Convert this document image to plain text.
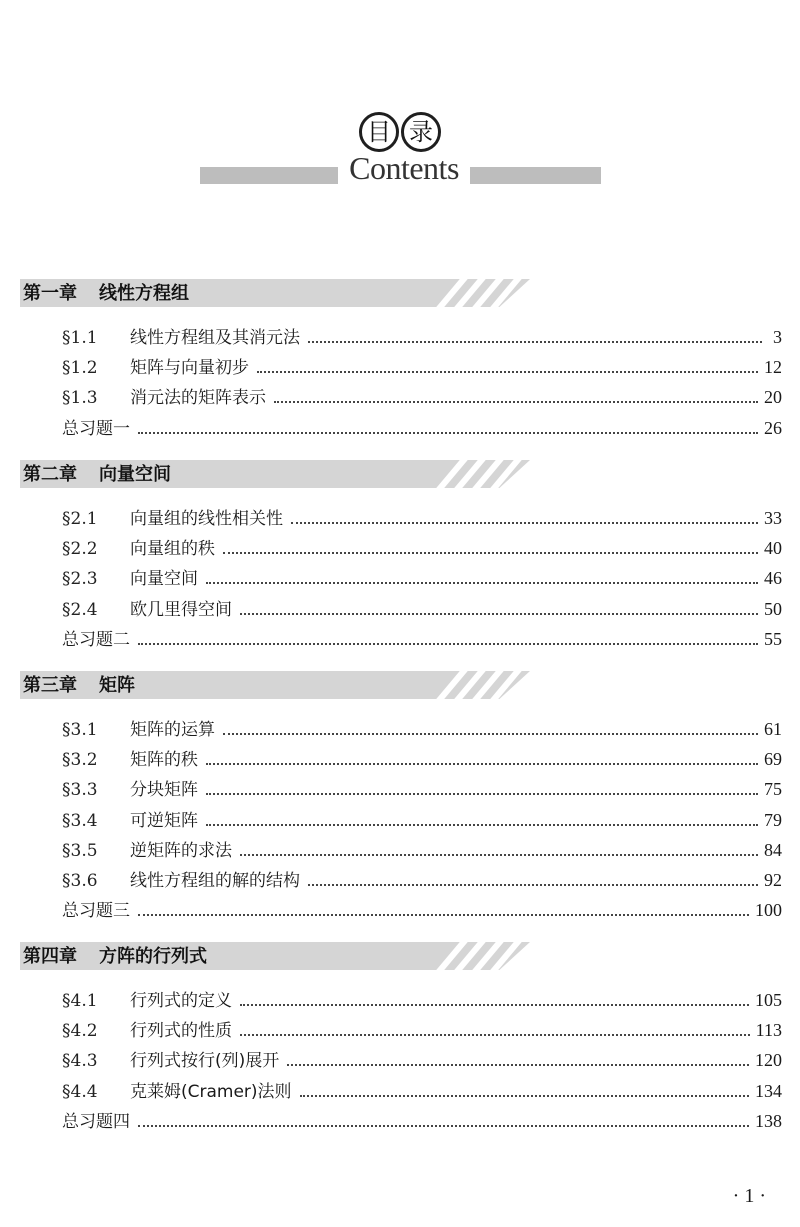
目 录
Contents
第一章 线性方程组
§1.1	线性方程组及其消元法	3
§1.2	矩阵与向量初步	12
§1.3	消元法的矩阵表示	20
总习题一	26
第二章 向量空间
§2.1	向量组的线性相关性	33
§2.2	向量组的秩	40
§2.3	向量空间	46
§2.4	欧几里得空间	50
总习题二	55
第三章 矩阵
§3.1	矩阵的运算	61
§3.2	矩阵的秩	69
§3.3	分块矩阵	75
§3.4	可逆矩阵	79
§3.5	逆矩阵的求法	84
§3.6	线性方程组的解的结构	92
总习题三	100
第四章 方阵的行列式
§4.1	行列式的定义	105
§4.2	行列式的性质	113
§4.3	行列式按行(列)展开	120
§4.4	克莱姆(Cramer)法则	134
总习题四	138
· 1 ·
